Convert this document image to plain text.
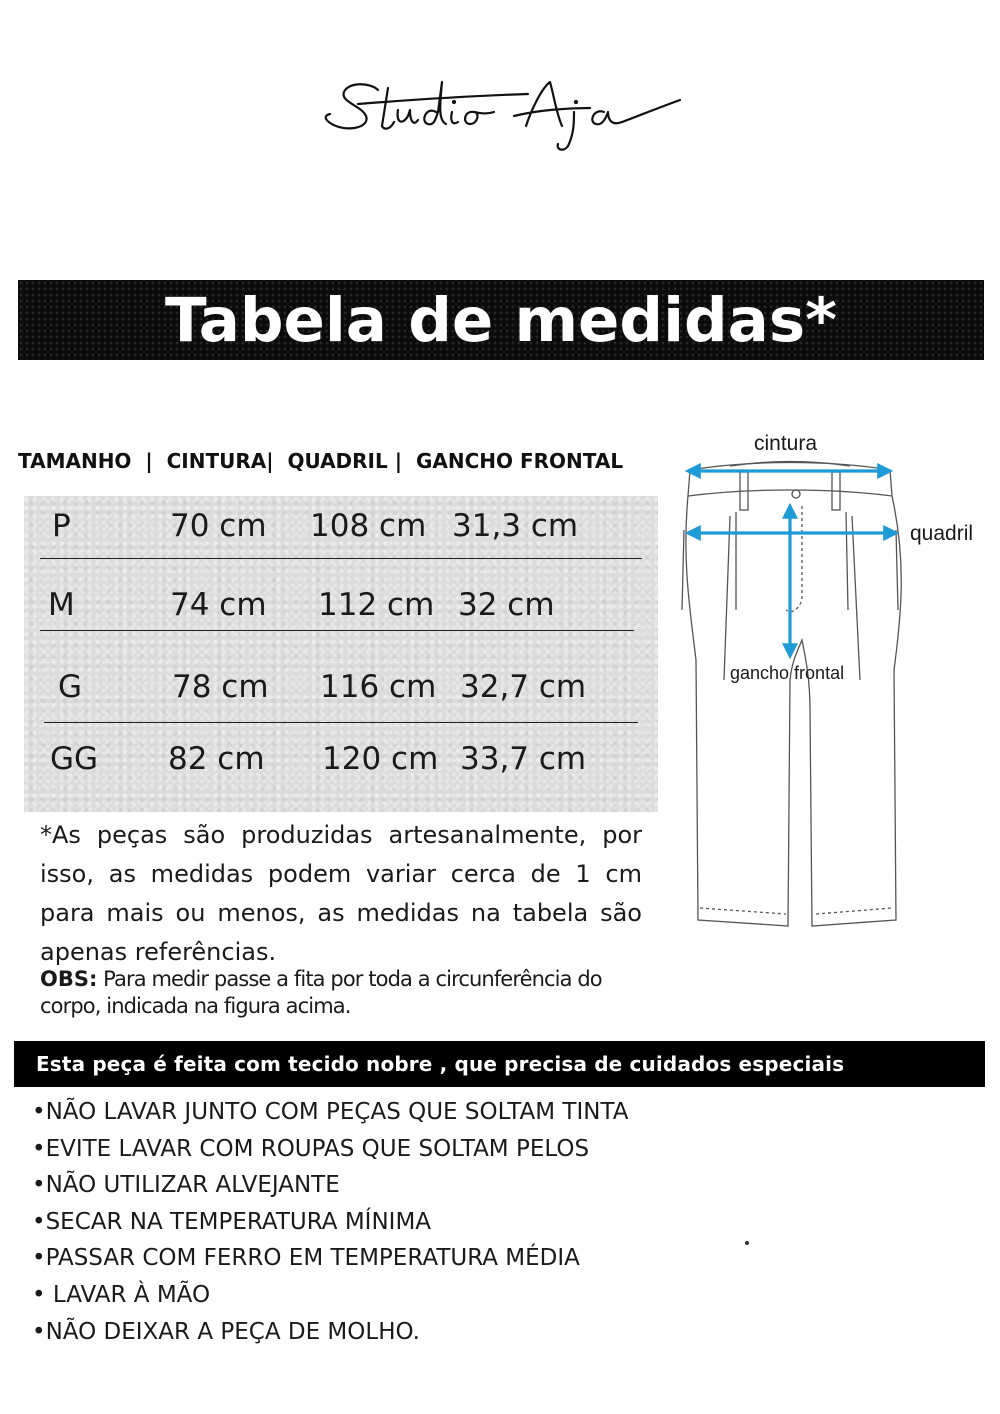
Tabela de medidas*
TAMANHO  |  CINTURA|  QUADRIL |  GANCHO FRONTAL
P	70 cm 108 cm 31,3 cm
M	74 cm 112 cm 32 cm
G	78 cm 116 cm 32,7 cm
GG 82 cm 120 cm 33,7 cm
*As peças são produzidas artesanalmente, por isso, as medidas podem variar cerca de 1 cm para mais ou menos, as medidas na tabela são apenas referências.
OBS: Para medir passe a fita por toda a circunferência do corpo, indicada na figura acima.
cintura
quadril
gancho frontal
Esta peça é feita com tecido nobre , que precisa de cuidados especiais
•NÃO LAVAR JUNTO COM PEÇAS QUE SOLTAM TINTA
•EVITE LAVAR COM ROUPAS QUE SOLTAM PELOS
•NÃO UTILIZAR ALVEJANTE
•SECAR NA TEMPERATURA MÍNIMA
•PASSAR COM FERRO EM TEMPERATURA MÉDIA
• LAVAR À MÃO
•NÃO DEIXAR A PEÇA DE MOLHO.
